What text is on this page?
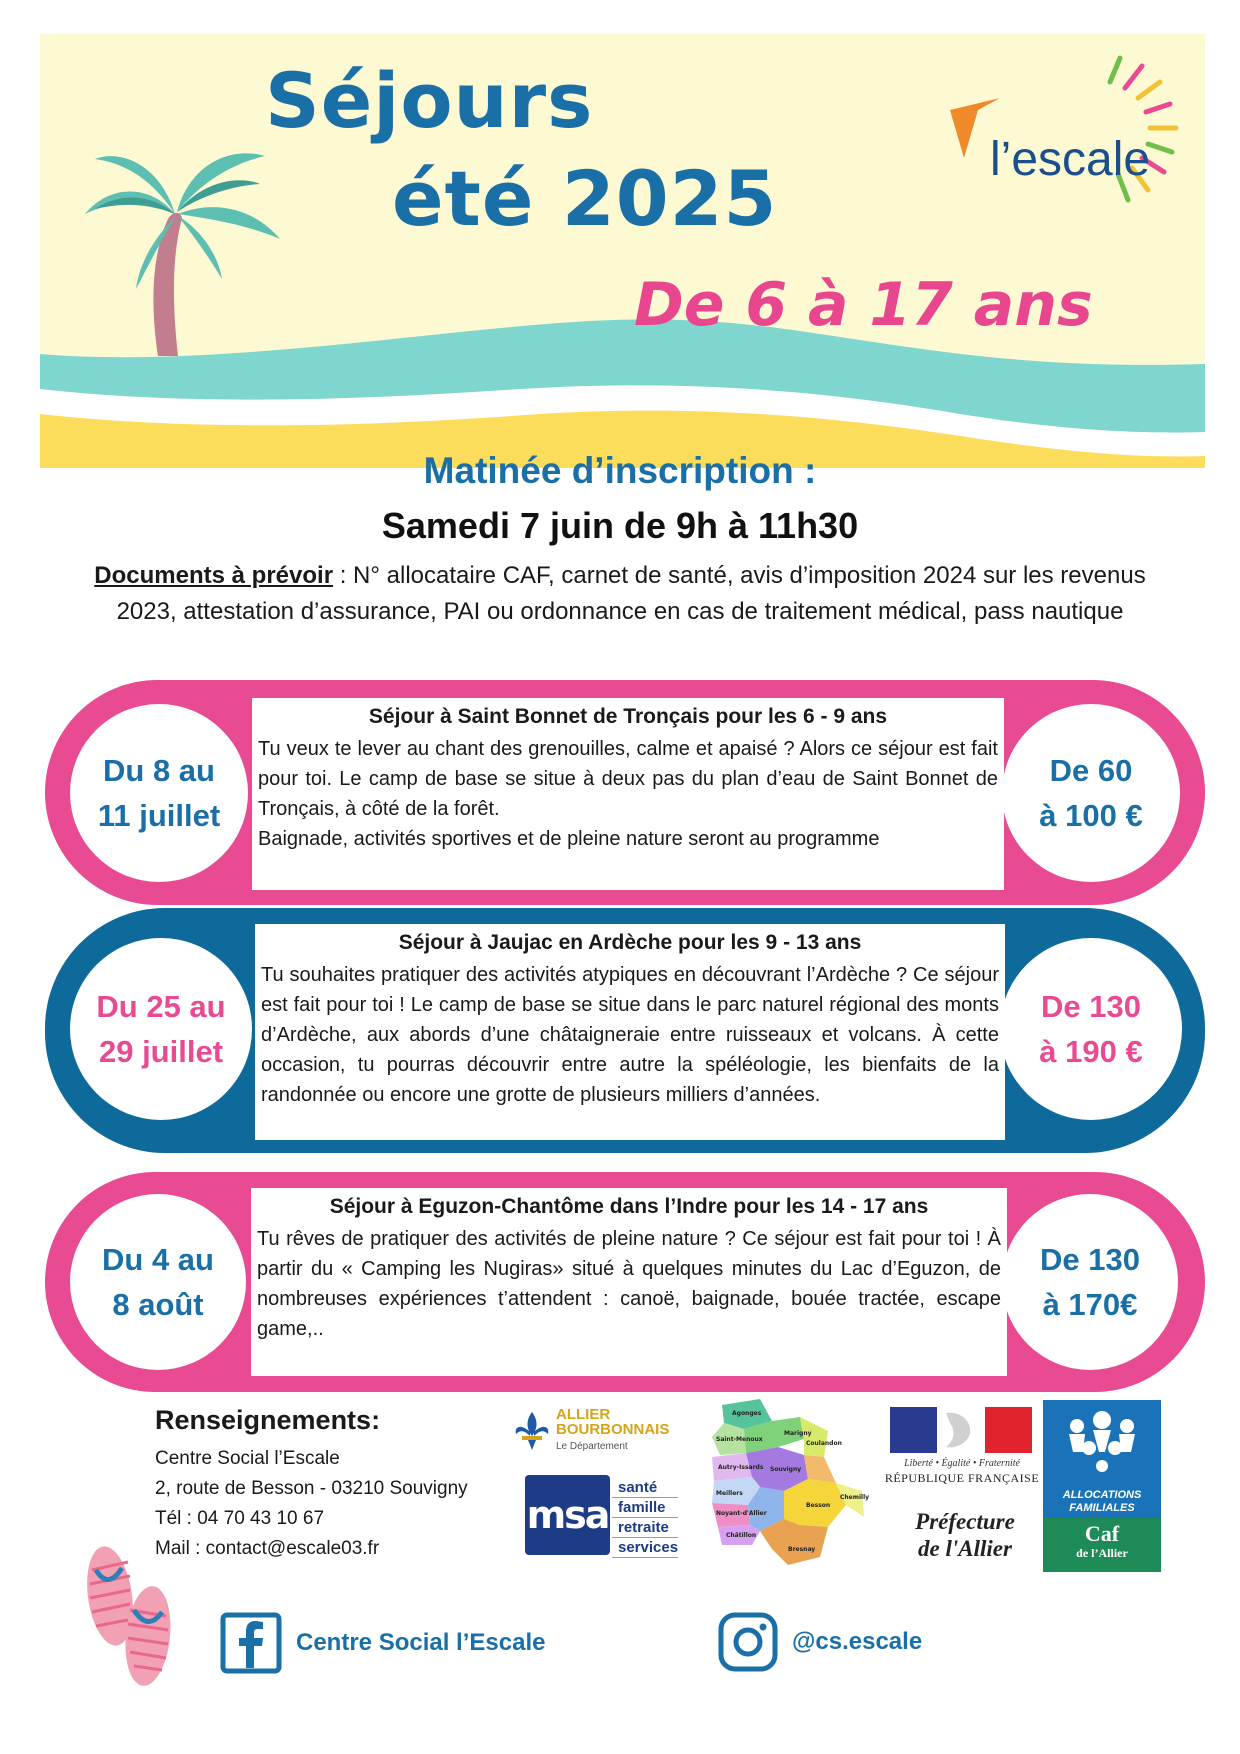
Séjours
été 2025
De 6 à 17 ans
l’escale
Matinée d’inscription :
Samedi 7 juin de 9h à 11h30
Documents à prévoir : N° allocataire CAF, carnet de santé, avis d’imposition 2024 sur les revenus 2023, attestation d’assurance, PAI ou ordonnance en cas de traitement médical, pass nautique
Du 8 au
11 juillet
Séjour à Saint Bonnet de Tronçais pour les 6 - 9 ans
Tu veux te lever au chant des grenouilles, calme et apaisé ? Alors ce séjour est fait pour toi. Le camp de base se situe à deux pas du plan d’eau de Saint Bonnet de Tronçais, à côté de la forêt.
Baignade, activités sportives et de pleine nature seront au programme
De 60
à 100 €
Du 25 au
29 juillet
Séjour à Jaujac en Ardèche pour les 9 - 13 ans
Tu souhaites pratiquer des activités atypiques en découvrant l’Ardèche ? Ce séjour est fait pour toi ! Le camp de base se situe dans le parc naturel régional des monts d’Ardèche, aux abords d’une châtaigneraie entre ruisseaux et volcans. À cette occasion, tu pourras découvrir entre autre la spéléologie, les bienfaits de la randonnée ou encore une grotte de plusieurs milliers d’années.
De 130
à 190 €
Du 4 au
8 août
Séjour à Eguzon-Chantôme dans l’Indre pour les 14 - 17 ans
Tu rêves de pratiquer des activités de pleine nature ? Ce séjour est fait pour toi ! À partir du « Camping les Nugiras» situé à quelques minutes du Lac d’Eguzon, de nombreuses expériences t’attendent : canoë, baignade, bouée tractée, escape game,..
De 130
à 170€
Renseignements:
Centre Social l’Escale
2, route de Besson - 03210 Souvigny
Tél : 04 70 43 10 67
Mail : contact@escale03.fr
ALLIER
BOURBONNAIS
Le Département
msa
santé
famille
retraite
services
Agonges
Saint-Menoux
Marigny
Autry-Issards
Coulandon
Souvigny
Meillers
Noyant-d'Allier
Besson
Chemilly
Châtillon
Bresnay
Liberté • Égalité • Fraternité
RÉPUBLIQUE FRANÇAISE
Préfecture
de l'Allier
ALLOCATIONS
FAMILIALES
Caf
de l’Allier
Centre Social l’Escale	@cs.escale
